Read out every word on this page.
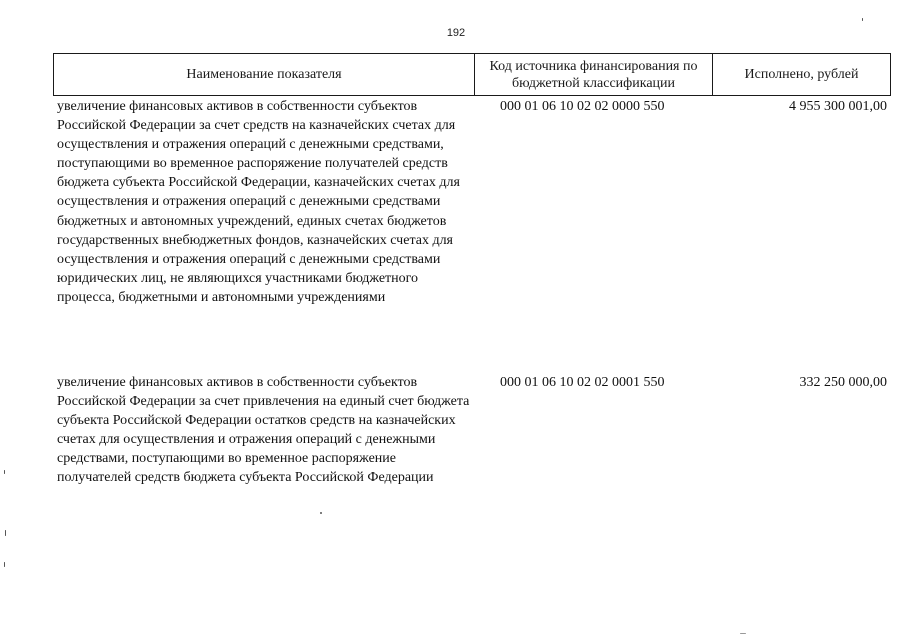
192
Наименование показателя
Код источника финансирования по бюджетной классификации
Исполнено, рублей
увеличение финансовых активов в собственности субъектов Российской Федерации за счет средств на казначейских счетах для осуществления и отражения операций с денежными средствами, поступающими во временное распоряжение получателей средств бюджета субъекта Российской Федерации, казначейских счетах для осуществления и отражения операций с денежными средствами бюджетных и автономных учреждений, единых счетах бюджетов государственных внебюджетных фондов, казначейских счетах для осуществления и отражения операций с денежными средствами юридических лиц, не являющихся участниками бюджетного процесса, бюджетными и автономными учреждениями
000 01 06 10 02 02 0000 550	4 955 300 001,00
увеличение финансовых активов в собственности субъектов Российской Федерации за счет привлечения на единый счет бюджета субъекта Российской Федерации остатков средств на казначейских счетах для осуществления и отражения операций с денежными средствами, поступающими во временное распоряжение получателей средств бюджета субъекта Российской Федерации
000 01 06 10 02 02 0001 550	332 250 000,00
